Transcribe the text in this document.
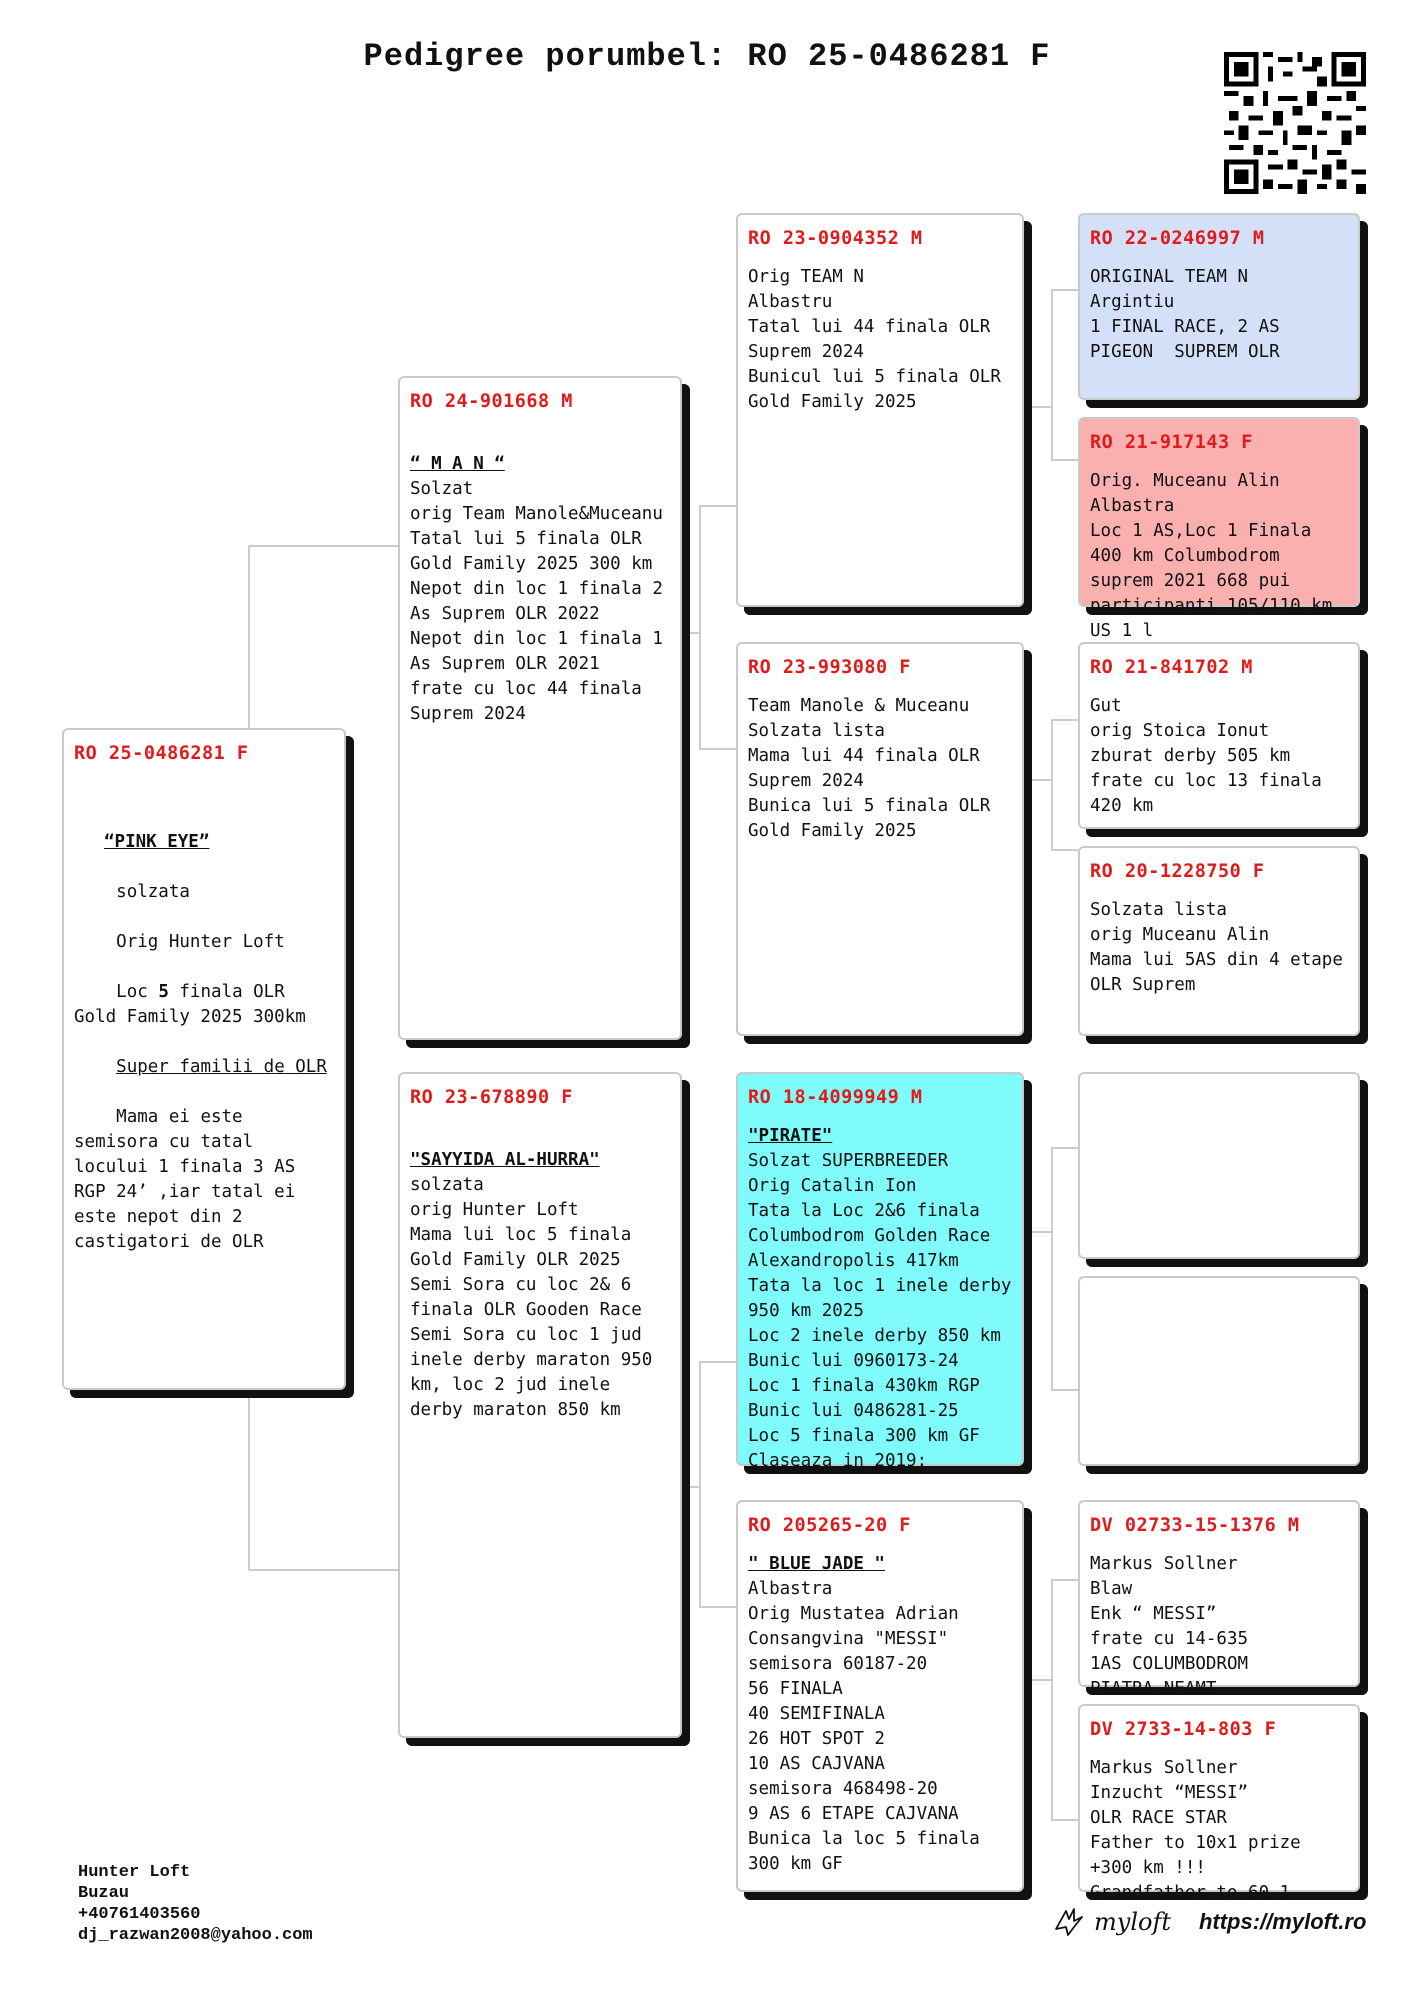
Pedigree porumbel: RO 25-0486281 F
RO 25-0486281 F

“PINK EYE”

solzata

Orig Hunter Loft

Loc 5 finala OLR Gold Family 2025 300km

Super familii de OLR

Mama ei este semisora cu tatal locului 1 finala 3 AS RGP 24’ ,iar tatal ei este nepot din 2 castigatori de OLR

RO 24-901668 M
“ M A N “
Solzat
orig Team Manole&Muceanu
Tatal lui 5 finala OLR Gold Family 2025 300 km
Nepot din loc 1 finala 2 As Suprem OLR 2022
Nepot din loc 1 finala 1 As Suprem OLR 2021
frate cu loc 44 finala Suprem 2024
RO 23-678890 F
"SAYYIDA AL-HURRA"
solzata
orig Hunter Loft
Mama lui loc 5 finala Gold Family OLR 2025
Semi Sora cu loc 2& 6 finala OLR Gooden Race
Semi Sora cu loc 1 jud inele derby maraton 950 km, loc 2 jud inele derby maraton 850 km
RO 23-0904352 M
Orig TEAM N
Albastru
Tatal lui 44 finala OLR Suprem 2024
Bunicul lui 5 finala OLR Gold Family 2025
RO 23-993080 F
Team Manole & Muceanu
Solzata lista
Mama lui 44 finala OLR Suprem 2024
Bunica lui 5 finala OLR Gold Family 2025
RO 18-4099949 M
"PIRATE"
Solzat SUPERBREEDER
Orig Catalin Ion
Tata la Loc 2&6 finala Columbodrom Golden Race Alexandropolis 417km
Tata la loc 1 inele derby 950 km 2025
Loc 2 inele derby 850 km
Bunic lui 0960173-24
Loc 1 finala 430km RGP
Bunic lui 0486281-25
Loc 5 finala 300 km GF
Claseaza in 2019:
RO 205265-20 F
" BLUE JADE "
Albastra
Orig Mustatea Adrian
Consangvina "MESSI"
semisora 60187-20
56 FINALA
40 SEMIFINALA
26 HOT SPOT 2
10 AS CAJVANA
semisora 468498-20
9 AS 6 ETAPE CAJVANA
Bunica la loc 5 finala 300 km GF
RO 22-0246997 M
ORIGINAL TEAM N
Argintiu
1 FINAL RACE, 2 AS PIGEON  SUPREM OLR
RO 21-917143 F
Orig. Muceanu Alin
Albastra
Loc 1 AS,Loc 1 Finala 400 km Columbodrom suprem 2021 668 pui participanti 105/110 km US 1 l
RO 21-841702 M
Gut
orig Stoica Ionut
zburat derby 505 km
frate cu loc 13 finala 420 km
RO 20-1228750 F
Solzata lista
orig Muceanu Alin
Mama lui 5AS din 4 etape OLR Suprem
DV 02733-15-1376 M
Markus Sollner
Blaw
Enk “ MESSI”
frate cu 14-635
1AS COLUMBODROM
PIATRA NEAMT
DV 2733-14-803 F
Markus Sollner
Inzucht “MESSI”
OLR RACE STAR
Father to 10x1 prize
+300 km !!!
Grandfather to 60-1
Hunter Loft
Buzau
+40761403560
dj_razwan2008@yahoo.com	myloft https://myloft.ro
